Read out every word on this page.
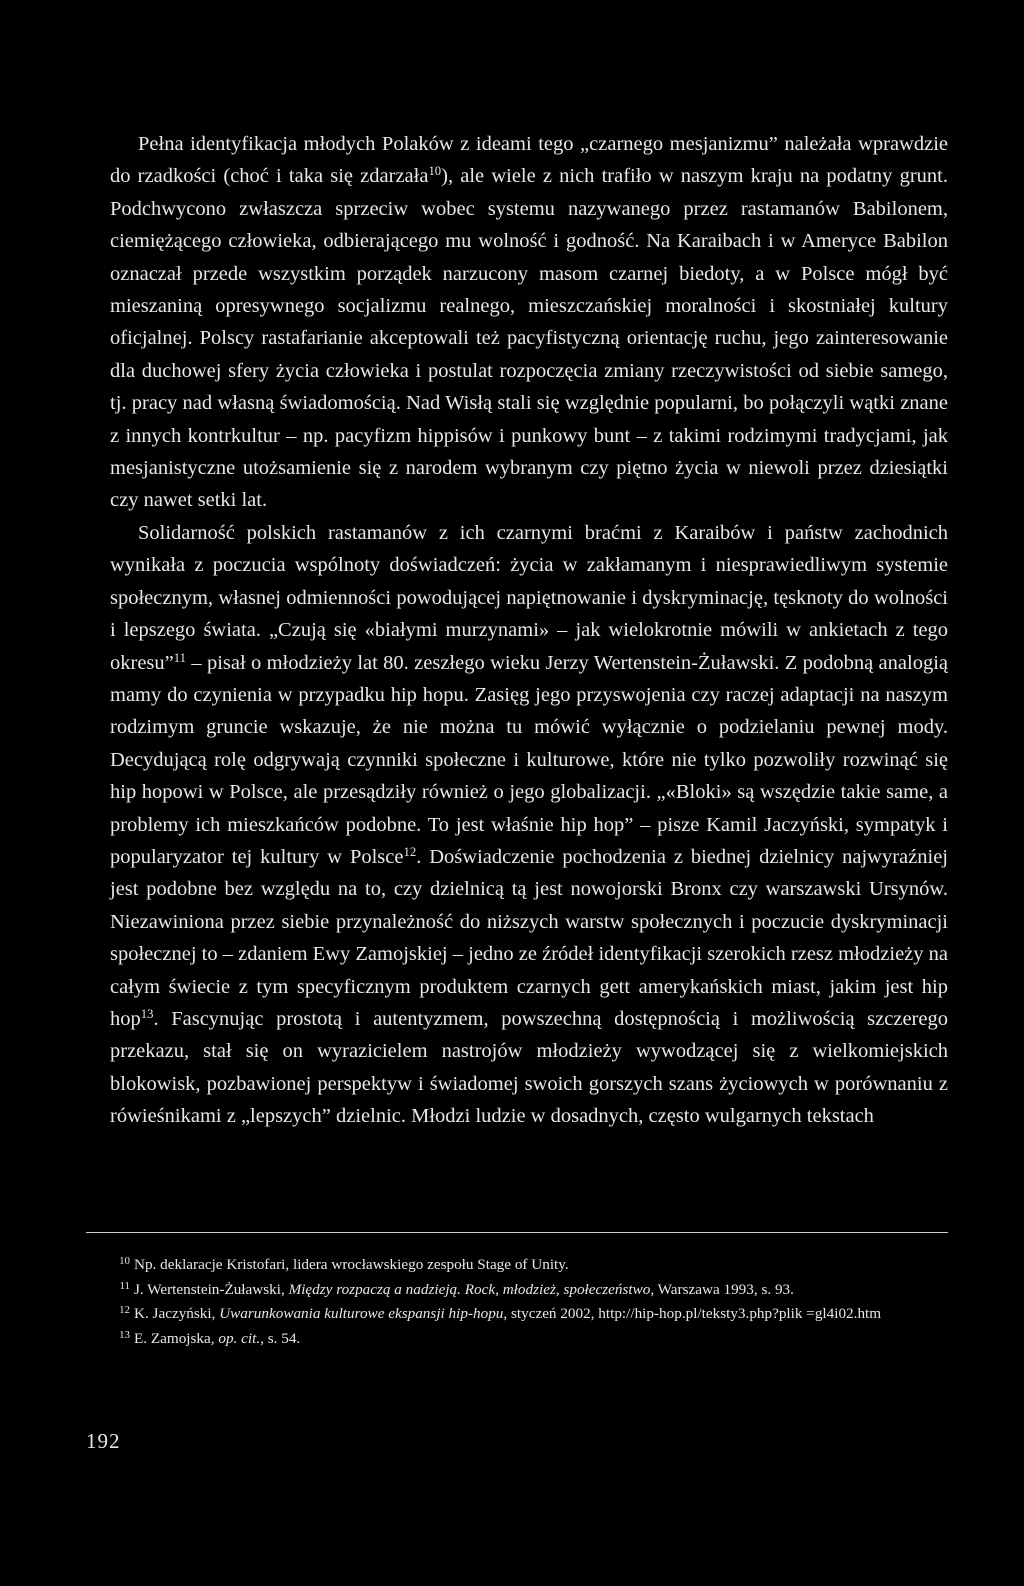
Pełna identyfikacja młodych Polaków z ideami tego „czarnego mesjanizmu” należała wprawdzie do rzadkości (choć i taka się zdarzała$^{10}$), ale wiele z nich trafiło w naszym kraju na podatny grunt. Podchwycono zwłaszcza sprzeciw wobec systemu nazywanego przez rastamanów Babilonem, ciemiężącego człowieka, odbierającego mu wolność i godność. Na Karaibach i w Ameryce Babilon oznaczał przede wszystkim porządek narzucony masom czarnej biedoty, a w Polsce mógł być mieszaniną opresywnego socjalizmu realnego, mieszczańskiej moralności i skostniałej kultury oficjalnej. Polscy rastafarianie akceptowali też pacyfistyczną orientację ruchu, jego zainteresowanie dla duchowej sfery życia człowieka i postulat rozpoczęcia zmiany rzeczywistości od siebie samego, tj. pracy nad własną świadomością. Nad Wisłą stali się względnie popularni, bo połączyli wątki znane z innych kontrkultur – np. pacyfizm hippisów i punkowy bunt – z takimi rodzimymi tradycjami, jak mesjanistyczne utożsamienie się z narodem wybranym czy piętno życia w niewoli przez dziesiątki czy nawet setki lat.

Solidarność polskich rastamanów z ich czarnymi braćmi z Karaibów i państw zachodnich wynikała z poczucia wspólnoty doświadczeń: życia w zakłamanym i niesprawiedliwym systemie społecznym, własnej odmienności powodującej napiętnowanie i dyskryminację, tęsknoty do wolności i lepszego świata. „Czują się «białymi murzynami» – jak wielokrotnie mówili w ankietach z tego okresu”$^{11}$ – pisał o młodzieży lat 80. zeszłego wieku Jerzy Wertenstein-Żuławski. Z podobną analogią mamy do czynienia w przypadku hip hopu. Zasięg jego przyswojenia czy raczej adaptacji na naszym rodzimym gruncie wskazuje, że nie można tu mówić wyłącznie o podzielaniu pewnej mody. Decydującą rolę odgrywają czynniki społeczne i kulturowe, które nie tylko pozwoliły rozwinąć się hip hopowi w Polsce, ale przesądziły również o jego globalizacji. „«Bloki» są wszędzie takie same, a problemy ich mieszkańców podobne. To jest właśnie hip hop” – pisze Kamil Jaczyński, sympatyk i popularyzator tej kultury w Polsce$^{12}$. Doświadczenie pochodzenia z biednej dzielnicy najwyraźniej jest podobne bez względu na to, czy dzielnicą tą jest nowojorski Bronx czy warszawski Ursynów. Niezawiniona przez siebie przynależność do niższych warstw społecznych i poczucie dyskryminacji społecznej to – zdaniem Ewy Zamojskiej – jedno ze źródeł identyfikacji szerokich rzesz młodzieży na całym świecie z tym specyficznym produktem czarnych gett amerykańskich miast, jakim jest hip hop$^{13}$. Fascynując prostotą i autentyzmem, powszechną dostępnością i możliwością szczerego przekazu, stał się on wyrazicielem nastrojów młodzieży wywodzącej się z wielkomiejskich blokowisk, pozbawionej perspektyw i świadomej swoich gorszych szans życiowych w porównaniu z rówieśnikami z „lepszych” dzielnic. Młodzi ludzie w dosadnych, często wulgarnych tekstach

10 Np. deklaracje Kristofari, lidera wrocławskiego zespołu Stage of Unity.

11 J. Wertenstein-Żuławski, Między rozpaczą a nadzieją. Rock, młodzież, społeczeństwo, Warszawa 1993, s. 93.

12 K. Jaczyński, Uwarunkowania kulturowe ekspansji hip-hopu, styczeń 2002, http://hip-hop.pl/teksty3.php?plik =gl4i02.htm

13 E. Zamojska, op. cit., s. 54.

192
